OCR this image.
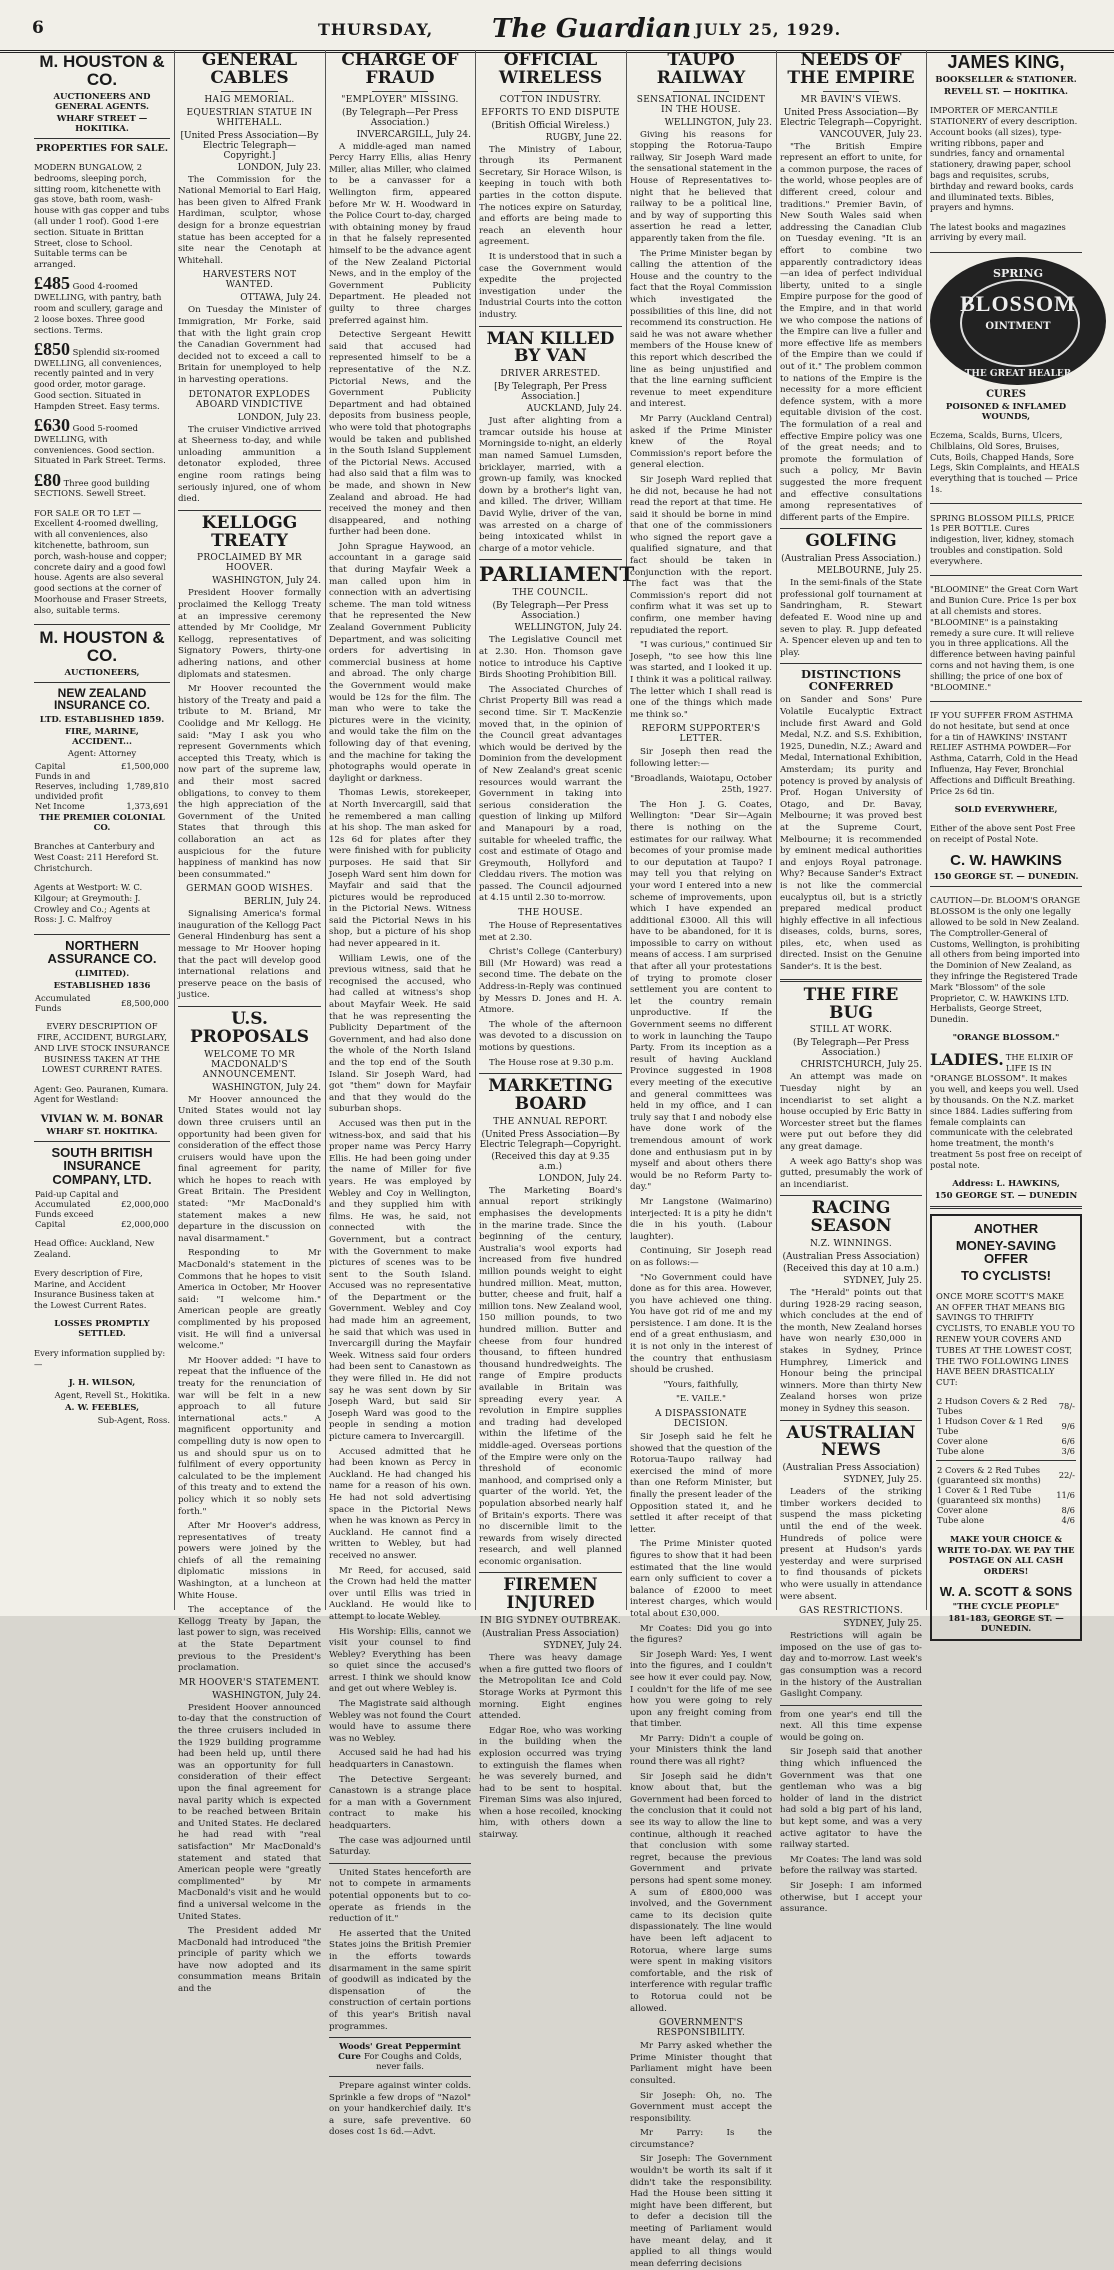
6	THURSDAY, The Guardian JULY 25, 1929.
M. HOUSTON & CO.
AUCTIONEERS AND GENERAL AGENTS.
WHARF STREET — HOKITIKA.
PROPERTIES FOR SALE.

MODERN BUNGALOW, 2 bedrooms, sleeping porch, sitting room, kitchenette with gas stove, bath room, wash-house with gas copper and tubs (all under 1 roof). Good 1-ere section. Situate in Brittan Street, close to School. Suitable terms can be arranged.

£485 Good 4-roomed DWELLING, with pantry, bath room and scullery, garage and 2 loose boxes. Three good sections. Terms.

£850 Splendid six-roomed DWELLING, all conveniences, recently painted and in very good order, motor garage. Good section. Situated in Hampden Street. Easy terms.

£630 Good 5-roomed DWELLING, with conveniences. Good section. Situated in Park Street. Terms.

£80 Three good building SECTIONS. Sewell Street.

FOR SALE OR TO LET — Excellent 4-roomed dwelling, with all conveniences, also kitchenette, bathroom, sun porch, wash-house and copper; concrete dairy and a good fowl house. Agents are also several good sections at the corner of Moorhouse and Fraser Streets, also, suitable terms.

M. HOUSTON & CO.
AUCTIONEERS,
NEW ZEALAND INSURANCE CO.
LTD. ESTABLISHED 1859.
FIRE, MARINE, ACCIDENT...
Agent: Attorney
Capital	£1,500,000
Funds in and Reserves, including undivided profit	1,789,810
Net Income	1,373,691
THE PREMIER COLONIAL CO.

Branches at Canterbury and West Coast: 211 Hereford St. Christchurch.

Agents at Westport: W. C. Kilgour; at Greymouth: J. Crowley and Co.; Agents at Ross: J. C. Malfroy

NORTHERN ASSURANCE CO.
(LIMITED).
ESTABLISHED 1836
Accumulated Funds	£8,500,000

EVERY DESCRIPTION OF FIRE, ACCIDENT, BURGLARY, AND LIVE STOCK INSURANCE BUSINESS TAKEN AT THE LOWEST CURRENT RATES.

Agent: Geo. Pauranen, Kumara. Agent for Westland:

VIVIAN W. M. BONAR
WHARF ST. HOKITIKA.
SOUTH BRITISH INSURANCE COMPANY, LTD.
Paid-up Capital and Accumulated Funds exceed	£2,000,000
Capital	£2,000,000

Head Office: Auckland, New Zealand.

Every description of Fire, Marine, and Accident Insurance Business taken at the Lowest Current Rates.

LOSSES PROMPTLY SETTLED.

Every information supplied by:—

J. H. WILSON,
Agent, Revell St., Hokitika.
A. W. FEEBLES,
Sub-Agent, Ross.
GENERAL CABLES
HAIG MEMORIAL.
EQUESTRIAN STATUE IN WHITEHALL.
[United Press Association—By Electric Telegraph—Copyright.]
LONDON, July 23.

The Commission for the National Memorial to Earl Haig, has been given to Alfred Frank Hardiman, sculptor, whose design for a bronze equestrian statue has been accepted for a site near the Cenotaph at Whitehall.

HARVESTERS NOT WANTED.
OTTAWA, July 24.

On Tuesday the Minister of Immigration, Mr Forke, said that with the light grain crop the Canadian Government had decided not to exceed a call to Britain for unemployed to help in harvesting operations.

DETONATOR EXPLODES ABOARD VINDICTIVE
LONDON, July 23.

The cruiser Vindictive arrived at Sheerness to-day, and while unloading ammunition a detonator exploded, three engine room ratings being seriously injured, one of whom died.

KELLOGG TREATY
PROCLAIMED BY MR HOOVER.
WASHINGTON, July 24.

President Hoover formally proclaimed the Kellogg Treaty at an impressive ceremony attended by Mr Coolidge, Mr Kellogg, representatives of Signatory Powers, thirty-one adhering nations, and other diplomats and statesmen.

Mr Hoover recounted the history of the Treaty and paid a tribute to M. Briand, Mr Coolidge and Mr Kellogg. He said: "May I ask you who represent Governments which accepted this Treaty, which is now part of the supreme law, and their most sacred obligations, to convey to them the high appreciation of the Government of the United States that through this collaboration an act as auspicious for the future happiness of mankind has now been consummated."

GERMAN GOOD WISHES.
BERLIN, July 24.

Signalising America's formal inauguration of the Kellogg Pact General Hindenburg has sent a message to Mr Hoover hoping that the pact will develop good international relations and preserve peace on the basis of justice.

U.S. PROPOSALS
WELCOME TO MR MACDONALD'S ANNOUNCEMENT.
WASHINGTON, July 24.

Mr Hoover announced the United States would not lay down three cruisers until an opportunity had been given for consideration of the effect those cruisers would have upon the final agreement for parity, which he hopes to reach with Great Britain. The President stated: "Mr MacDonald's statement makes a new departure in the discussion on naval disarmament."

Responding to Mr MacDonald's statement in the Commons that he hopes to visit America in October, Mr Hoover said: "I welcome him." American people are greatly complimented by his proposed visit. He will find a universal welcome."

Mr Hoover added: "I have to repeat that the influence of the treaty for the renunciation of war will be felt in a new approach to all future international acts." A magnificent opportunity and compelling duty is now open to us and should spur us on to fulfilment of every opportunity calculated to be the implement of this treaty and to extend the policy which it so nobly sets forth."

After Mr Hoover's address, representatives of treaty powers were joined by the chiefs of all the remaining diplomatic missions in Washington, at a luncheon at White House.

The acceptance of the Kellogg Treaty by Japan, the last power to sign, was received at the State Department previous to the President's proclamation.

MR HOOVER'S STATEMENT.
WASHINGTON, July 24.

President Hoover announced to-day that the construction of the three cruisers included in the 1929 building programme had been held up, until there was an opportunity for full consideration of their effect upon the final agreement for naval parity which is expected to be reached between Britain and United States. He declared he had read with "real satisfaction" Mr MacDonald's statement and stated that American people were "greatly complimented" by Mr MacDonald's visit and he would find a universal welcome in the United States.

The President added Mr MacDonald had introduced "the principle of parity which we have now adopted and its consummation means Britain and the

CHARGE OF FRAUD
"EMPLOYER" MISSING.
(By Telegraph—Per Press Association.)
INVERCARGILL, July 24.

A middle-aged man named Percy Harry Ellis, alias Henry Miller, alias Miller, who claimed to be a canvasser for a Wellington firm, appeared before Mr W. H. Woodward in the Police Court to-day, charged with obtaining money by fraud in that he falsely represented himself to be the advance agent of the New Zealand Pictorial News, and in the employ of the Government Publicity Department. He pleaded not guilty to three charges preferred against him.

Detective Sergeant Hewitt said that accused had represented himself to be a representative of the N.Z. Pictorial News, and the Government Publicity Department and had obtained deposits from business people, who were told that photographs would be taken and published in the South Island Supplement of the Pictorial News. Accused had also said that a film was to be made, and shown in New Zealand and abroad. He had received the money and then disappeared, and nothing further had been done.

John Sprague Haywood, an accountant in a garage said that during Mayfair Week a man called upon him in connection with an advertising scheme. The man told witness that he represented the New Zealand Government Publicity Department, and was soliciting orders for advertising in commercial business at home and abroad. The only charge the Government would make would be 12s for the film. The man who were to take the pictures were in the vicinity, and would take the film on the following day of that evening, and the machine for taking the photographs would operate in daylight or darkness.

Thomas Lewis, storekeeper, at North Invercargill, said that he remembered a man calling at his shop. The man asked for 12s 6d for plates after they were finished with for publicity purposes. He said that Sir Joseph Ward sent him down for Mayfair and said that the pictures would be reproduced in the Pictorial News. Witness said the Pictorial News in his shop, but a picture of his shop had never appeared in it.

William Lewis, one of the previous witness, said that he recognised the accused, who had called at witness's shop about Mayfair Week. He said that he was representing the Publicity Department of the Government, and had also done the whole of the North Island and the top end of the South Island. Sir Joseph Ward, had got "them" down for Mayfair and that they would do the suburban shops.

Accused was then put in the witness-box, and said that his proper name was Percy Harry Ellis. He had been going under the name of Miller for five years. He was employed by Webley and Coy in Wellington, and they supplied him with films. He was, he said, not connected with the Government, but a contract with the Government to make pictures of scenes was to be sent to the South Island. Accused was no representative of the Department or the Government. Webley and Coy had made him an agreement, he said that which was used in Invercargill during the Mayfair Week. Witness said four orders had been sent to Canastown as they were filled in. He did not say he was sent down by Sir Joseph Ward, but said Sir Joseph Ward was good to the people in sending a motion picture camera to Invercargill.

Accused admitted that he had been known as Percy in Auckland. He had changed his name for a reason of his own. He had not sold advertising space in the Pictorial News when he was known as Percy in Auckland. He cannot find a written to Webley, but had received no answer.

Mr Reed, for accused, said the Crown had held the matter over until Ellis was tried in Auckland. He would like to attempt to locate Webley.

His Worship: Ellis, cannot we visit your counsel to find Webley? Everything has been so quiet since the accused's arrest. I think we should know and get out where Webley is.

The Magistrate said although Webley was not found the Court would have to assume there was no Webley.

Accused said he had had his headquarters in Canastown.

The Detective Sergeant: Canastown is a strange place for a man with a Government contract to make his headquarters.

The case was adjourned until Saturday.

United States henceforth are not to compete in armaments potential opponents but to co-operate as friends in the reduction of it."

He asserted that the United States joins the British Premier in the efforts towards disarmament in the same spirit of goodwill as indicated by the dispensation of the construction of certain portions of this year's British naval programmes.

Woods' Great Peppermint Cure For Coughs and Colds, never fails.

Prepare against winter colds. Sprinkle a few drops of "Nazol" on your handkerchief daily. It's a sure, safe preventive. 60 doses cost 1s 6d.—Advt.

OFFICIAL WIRELESS
COTTON INDUSTRY.
EFFORTS TO END DISPUTE
(British Official Wireless.)
RUGBY, June 22.

The Ministry of Labour, through its Permanent Secretary, Sir Horace Wilson, is keeping in touch with both parties in the cotton dispute. The notices expire on Saturday, and efforts are being made to reach an eleventh hour agreement.

It is understood that in such a case the Government would expedite the projected investigation under the Industrial Courts into the cotton industry.

MAN KILLED BY VAN
DRIVER ARRESTED.
[By Telegraph, Per Press Association.]
AUCKLAND, July 24.

Just after alighting from a tramcar outside his house at Morningside to-night, an elderly man named Samuel Lumsden, bricklayer, married, with a grown-up family, was knocked down by a brother's light van, and killed. The driver, William David Wylie, driver of the van, was arrested on a charge of being intoxicated whilst in charge of a motor vehicle.

PARLIAMENT
THE COUNCIL.
(By Telegraph—Per Press Association.)
WELLINGTON, July 24.

The Legislative Council met at 2.30. Hon. Thomson gave notice to introduce his Captive Birds Shooting Prohibition Bill.

The Associated Churches of Christ Property Bill was read a second time. Sir T. MacKenzie moved that, in the opinion of the Council great advantages which would be derived by the Dominion from the development of New Zealand's great scenic resources would warrant the Government in taking into serious consideration the question of linking up Milford and Manapouri by a road, suitable for wheeled traffic, the cost and estimate of Otago and Greymouth, Hollyford and Cleddau rivers. The motion was passed. The Council adjourned at 4.15 until 2.30 to-morrow.

THE HOUSE.

The House of Representatives met at 2.30.

Christ's College (Canterbury) Bill (Mr Howard) was read a second time. The debate on the Address-in-Reply was continued by Messrs D. Jones and H. A. Atmore.

The whole of the afternoon was devoted to a discussion on motions by questions.

The House rose at 9.30 p.m.

MARKETING BOARD
THE ANNUAL REPORT.
(United Press Association—By Electric Telegraph—Copyright.
(Received this day at 9.35 a.m.)
LONDON, July 24.

The Marketing Board's annual report strikingly emphasises the developments in the marine trade. Since the beginning of the century, Australia's wool exports had increased from five hundred million pounds weight to eight hundred million. Meat, mutton, butter, cheese and fruit, half a million tons. New Zealand wool, 150 million pounds, to two hundred million. Butter and cheese from four hundred thousand, to fifteen hundred thousand hundredweights. The range of Empire products available in Britain was spreading every year. A revolution in Empire supplies and trading had developed within the lifetime of the middle-aged. Overseas portions of the Empire were only on the threshold of economic manhood, and comprised only a quarter of the world. Yet, the population absorbed nearly half of Britain's exports. There was no discernible limit to the rewards from wisely directed research, and well planned economic organisation.

FIREMEN INJURED
IN BIG SYDNEY OUTBREAK.
(Australian Press Association)
SYDNEY, July 24.

There was heavy damage when a fire gutted two floors of the Metropolitan Ice and Cold Storage Works at Pyrmont this morning. Eight engines attended.

Edgar Roe, who was working in the building when the explosion occurred was trying to extinguish the flames when he was severely burned, and had to be sent to hospital. Fireman Sims was also injured, when a hose recoiled, knocking him, with others down a stairway.

TAUPO RAILWAY
SENSATIONAL INCIDENT IN THE HOUSE.
WELLINGTON, July 23.

Giving his reasons for stopping the Rotorua-Taupo railway, Sir Joseph Ward made the sensational statement in the House of Representatives to-night that he believed that railway to be a political line, and by way of supporting this assertion he read a letter, apparently taken from the file.

The Prime Minister began by calling the attention of the House and the country to the fact that the Royal Commission which investigated the possibilities of this line, did not recommend its construction. He said he was not aware whether members of the House knew of this report which described the line as being unjustified and that the line earning sufficient revenue to meet expenditure and interest.

Mr Parry (Auckland Central) asked if the Prime Minister knew of the Royal Commission's report before the general election.

Sir Joseph Ward replied that he did not, because he had not read the report at that time. He said it should be borne in mind that one of the commissioners who signed the report gave a qualified signature, and that fact should be taken in conjunction with the report. The fact was that the Commission's report did not confirm what it was set up to confirm, one member having repudiated the report.

"I was curious," continued Sir Joseph, "to see how this line was started, and I looked it up. I think it was a political railway. The letter which I shall read is one of the things which made me think so."

REFORM SUPPORTER'S LETTER.

Sir Joseph then read the following letter:—

"Broadlands, Waiotapu, October 25th, 1927.

The Hon J. G. Coates, Wellington: "Dear Sir—Again there is nothing on the estimates for our railway. What becomes of your promise made to our deputation at Taupo? I may tell you that relying on your word I entered into a new scheme of improvements, upon which I have expended an additional £3000. All this will have to be abandoned, for it is impossible to carry on without means of access. I am surprised that after all your protestations of trying to promote closer settlement you are content to let the country remain unproductive. If the Government seems no different to work in launching the Taupo Party. From its inception as a result of having Auckland Province suggested in 1908 every meeting of the executive and general committees was held in my office, and I can truly say that I and nobody else have done work of the tremendous amount of work done and enthusiasm put in by myself and about others there would be no Reform Party to-day."

Mr Langstone (Waimarino) interjected: It is a pity he didn't die in his youth. (Labour laughter).

Continuing, Sir Joseph read on as follows:—

"No Government could have done as for this area. However, you have achieved one thing. You have got rid of me and my persistence. I am done. It is the end of a great enthusiasm, and it is not only in the interest of the country that enthusiasm should be crushed.

"Yours, faithfully,

"E. VAILE."

A DISPASSIONATE DECISION.

Sir Joseph said he felt he showed that the question of the Rotorua-Taupo railway had exercised the mind of more than one Reform Minister, but finally the present leader of the Opposition stated it, and he settled it after receipt of that letter.

The Prime Minister quoted figures to show that it had been estimated that the line would earn only sufficient to cover a balance of £2000 to meet interest charges, which would total about £30,000.

Mr Coates: Did you go into the figures?

Sir Joseph Ward: Yes, I went into the figures, and I couldn't see how it ever could pay. Now, I couldn't for the life of me see how you were going to rely upon any freight coming from that timber.

Mr Parry: Didn't a couple of your Ministers think the land round there was all right?

Sir Joseph said he didn't know about that, but the Government had been forced to the conclusion that it could not see its way to allow the line to continue, although it reached that conclusion with some regret, because the previous Government and private persons had spent some money. A sum of £800,000 was involved, and the Government came to its decision quite dispassionately. The line would have been left adjacent to Rotorua, where large sums were spent in making visitors comfortable, and the risk of interference with regular traffic to Rotorua could not be allowed.

GOVERNMENT'S RESPONSIBILITY.

Mr Parry asked whether the Prime Minister thought that Parliament might have been consulted.

Sir Joseph: Oh, no. The Government must accept the responsibility.

Mr Parry: Is the circumstance?

Sir Joseph: The Government wouldn't be worth its salt if it didn't take the responsibility. Had the House been sitting it might have been different, but to defer a decision till the meeting of Parliament would have meant delay, and it applied to all things would mean deferring decisions

NEEDS OF THE EMPIRE
MR BAVIN'S VIEWS.
United Press Association—By Electric Telegraph—Copyright.
VANCOUVER, July 23.

"The British Empire represent an effort to unite, for a common purpose, the races of the world, whose peoples are of different creed, colour and traditions." Premier Bavin, of New South Wales said when addressing the Canadian Club on Tuesday evening. "It is an effort to combine two apparently contradictory ideas—an idea of perfect individual liberty, united to a single Empire purpose for the good of the Empire, and in that world we who compose the nations of the Empire can live a fuller and more effective life as members of the Empire than we could if out of it." The problem common to nations of the Empire is the necessity for a more efficient defence system, with a more equitable division of the cost. The formulation of a real and effective Empire policy was one of the great needs; and to promote the formulation of such a policy, Mr Bavin suggested the more frequent and effective consultations among representatives of different parts of the Empire.

GOLFING
(Australian Press Association.)
MELBOURNE, July 25.

In the semi-finals of the State professional golf tournament at Sandringham, R. Stewart defeated E. Wood nine up and seven to play. R. Jupp defeated A. Spencer eleven up and ten to play.

DISTINCTIONS CONFERRED

on Sander and Sons' Pure Volatile Eucalyptic Extract include first Award and Gold Medal, N.Z. and S.S. Exhibition, 1925, Dunedin, N.Z.; Award and Medal, International Exhibition, Amsterdam; its purity and potency is proved by analysis of Prof. Hogan University of Otago, and Dr. Bavay, Melbourne; it was proved best at the Supreme Court, Melbourne; it is recommended by eminent medical authorities and enjoys Royal patronage. Why? Because Sander's Extract is not like the commercial eucalyptus oil, but is a strictly prepared medical product highly effective in all infectious diseases, colds, burns, sores, piles, etc, when used as directed. Insist on the Genuine Sander's. It is the best.

THE FIRE BUG
STILL AT WORK.
(By Telegraph—Per Press Association.)
CHRISTCHURCH, July 25.

An attempt was made on Tuesday night by an incendiarist to set alight a house occupied by Eric Batty in Worcester street but the flames were put out before they did any great damage.

A week ago Batty's shop was gutted, presumably the work of an incendiarist.

RACING SEASON
N.Z. WINNINGS.
(Australian Press Association)
(Received this day at 10 a.m.)
SYDNEY, July 25.

The "Herald" points out that during 1928-29 racing season, which concludes at the end of the month, New Zealand horses have won nearly £30,000 in stakes in Sydney, Prince Humphrey, Limerick and Honour being the principal winners. More than thirty New Zealand horses won prize money in Sydney this season.

AUSTRALIAN NEWS
(Australian Press Association)
SYDNEY, July 25.

Leaders of the striking timber workers decided to suspend the mass picketing until the end of the week. Hundreds of police were present at Hudson's yards yesterday and were surprised to find thousands of pickets who were usually in attendance were absent.

GAS RESTRICTIONS.
SYDNEY, July 25.

Restrictions will again be imposed on the use of gas to-day and to-morrow. Last week's gas consumption was a record in the history of the Australian Gaslight Company.

from one year's end till the next. All this time expense would be going on.

Sir Joseph said that another thing which influenced the Government was that one gentleman who was a big holder of land in the district had sold a big part of his land, but kept some, and was a very active agitator to have the railway started.

Mr Coates: The land was sold before the railway was started.

Sir Joseph: I am informed otherwise, but I accept your assurance.

JAMES KING,
BOOKSELLER & STATIONER.
REVELL ST. — HOKITIKA.

IMPORTER OF MERCANTILE STATIONERY of every description. Account books (all sizes), type-writing ribbons, paper and sundries, fancy and ornamental stationery, drawing paper, school bags and requisites, scrubs, birthday and reward books, cards and illuminated texts. Bibles, prayers and hymns.

The latest books and magazines arriving by every mail.

SPRING
BLOSSOM
OINTMENT
THE GREAT HEALER
CURES
POISONED & INFLAMED WOUNDS,

Eczema, Scalds, Burns, Ulcers, Chilblains, Old Sores, Bruises, Cuts, Boils, Chapped Hands, Sore Legs, Skin Complaints, and HEALS everything that is touched — Price 1s.

SPRING BLOSSOM PILLS, PRICE 1s PER BOTTLE. Cures indigestion, liver, kidney, stomach troubles and constipation. Sold everywhere.

"BLOOMINE" the Great Corn Wart and Bunion Cure. Price 1s per box at all chemists and stores. "BLOOMINE" is a painstaking remedy a sure cure. It will relieve you in three applications. All the difference between having painful corns and not having them, is one shilling; the price of one box of "BLOOMINE."

IF YOU SUFFER FROM ASTHMA do not hesitate, but send at once for a tin of HAWKINS' INSTANT RELIEF ASTHMA POWDER—For Asthma, Catarrh, Cold in the Head Influenza, Hay Fever, Bronchial Affections and Difficult Breathing. Price 2s 6d tin.

SOLD EVERYWHERE,

Either of the above sent Post Free on receipt of Postal Note.

C. W. HAWKINS
150 GEORGE ST. — DUNEDIN.

CAUTION—Dr. BLOOM'S ORANGE BLOSSOM is the only one legally allowed to be sold in New Zealand. The Comptroller-General of Customs, Wellington, is prohibiting all others from being imported into the Dominion of New Zealand, as they infringe the Registered Trade Mark "Blossom" of the sole Proprietor, C. W. HAWKINS LTD. Herbalists, George Street, Dunedin.

"ORANGE BLOSSOM."

LADIES. THE ELIXIR OF LIFE IS IN "ORANGE BLOSSOM". It makes you well, and keeps you well. Used by thousands. On the N.Z. market since 1884. Ladies suffering from female complaints can communicate with the celebrated home treatment, the month's treatment 5s post free on receipt of postal note.

Address: L. HAWKINS,
150 GEORGE ST. — DUNEDIN
ANOTHER
MONEY-SAVING OFFER
TO CYCLISTS!

ONCE MORE SCOTT'S MAKE AN OFFER THAT MEANS BIG SAVINGS TO THRIFTY CYCLISTS, TO ENABLE YOU TO RENEW YOUR COVERS AND TUBES AT THE LOWEST COST, THE TWO FOLLOWING LINES HAVE BEEN DRASTICALLY CUT:

2 Hudson Covers & 2 Red Tubes	78/-
1 Hudson Cover & 1 Red Tube	9/6
Cover alone	6/6
Tube alone	3/6
2 Covers & 2 Red Tubes (guaranteed six months)	22/-
1 Cover & 1 Red Tube (guaranteed six months)	11/6
Cover alone	8/6
Tube alone	4/6

MAKE YOUR CHOICE & WRITE TO-DAY. WE PAY THE POSTAGE ON ALL CASH ORDERS!

W. A. SCOTT & SONS
"THE CYCLE PEOPLE"
181-183, GEORGE ST. — DUNEDIN.
